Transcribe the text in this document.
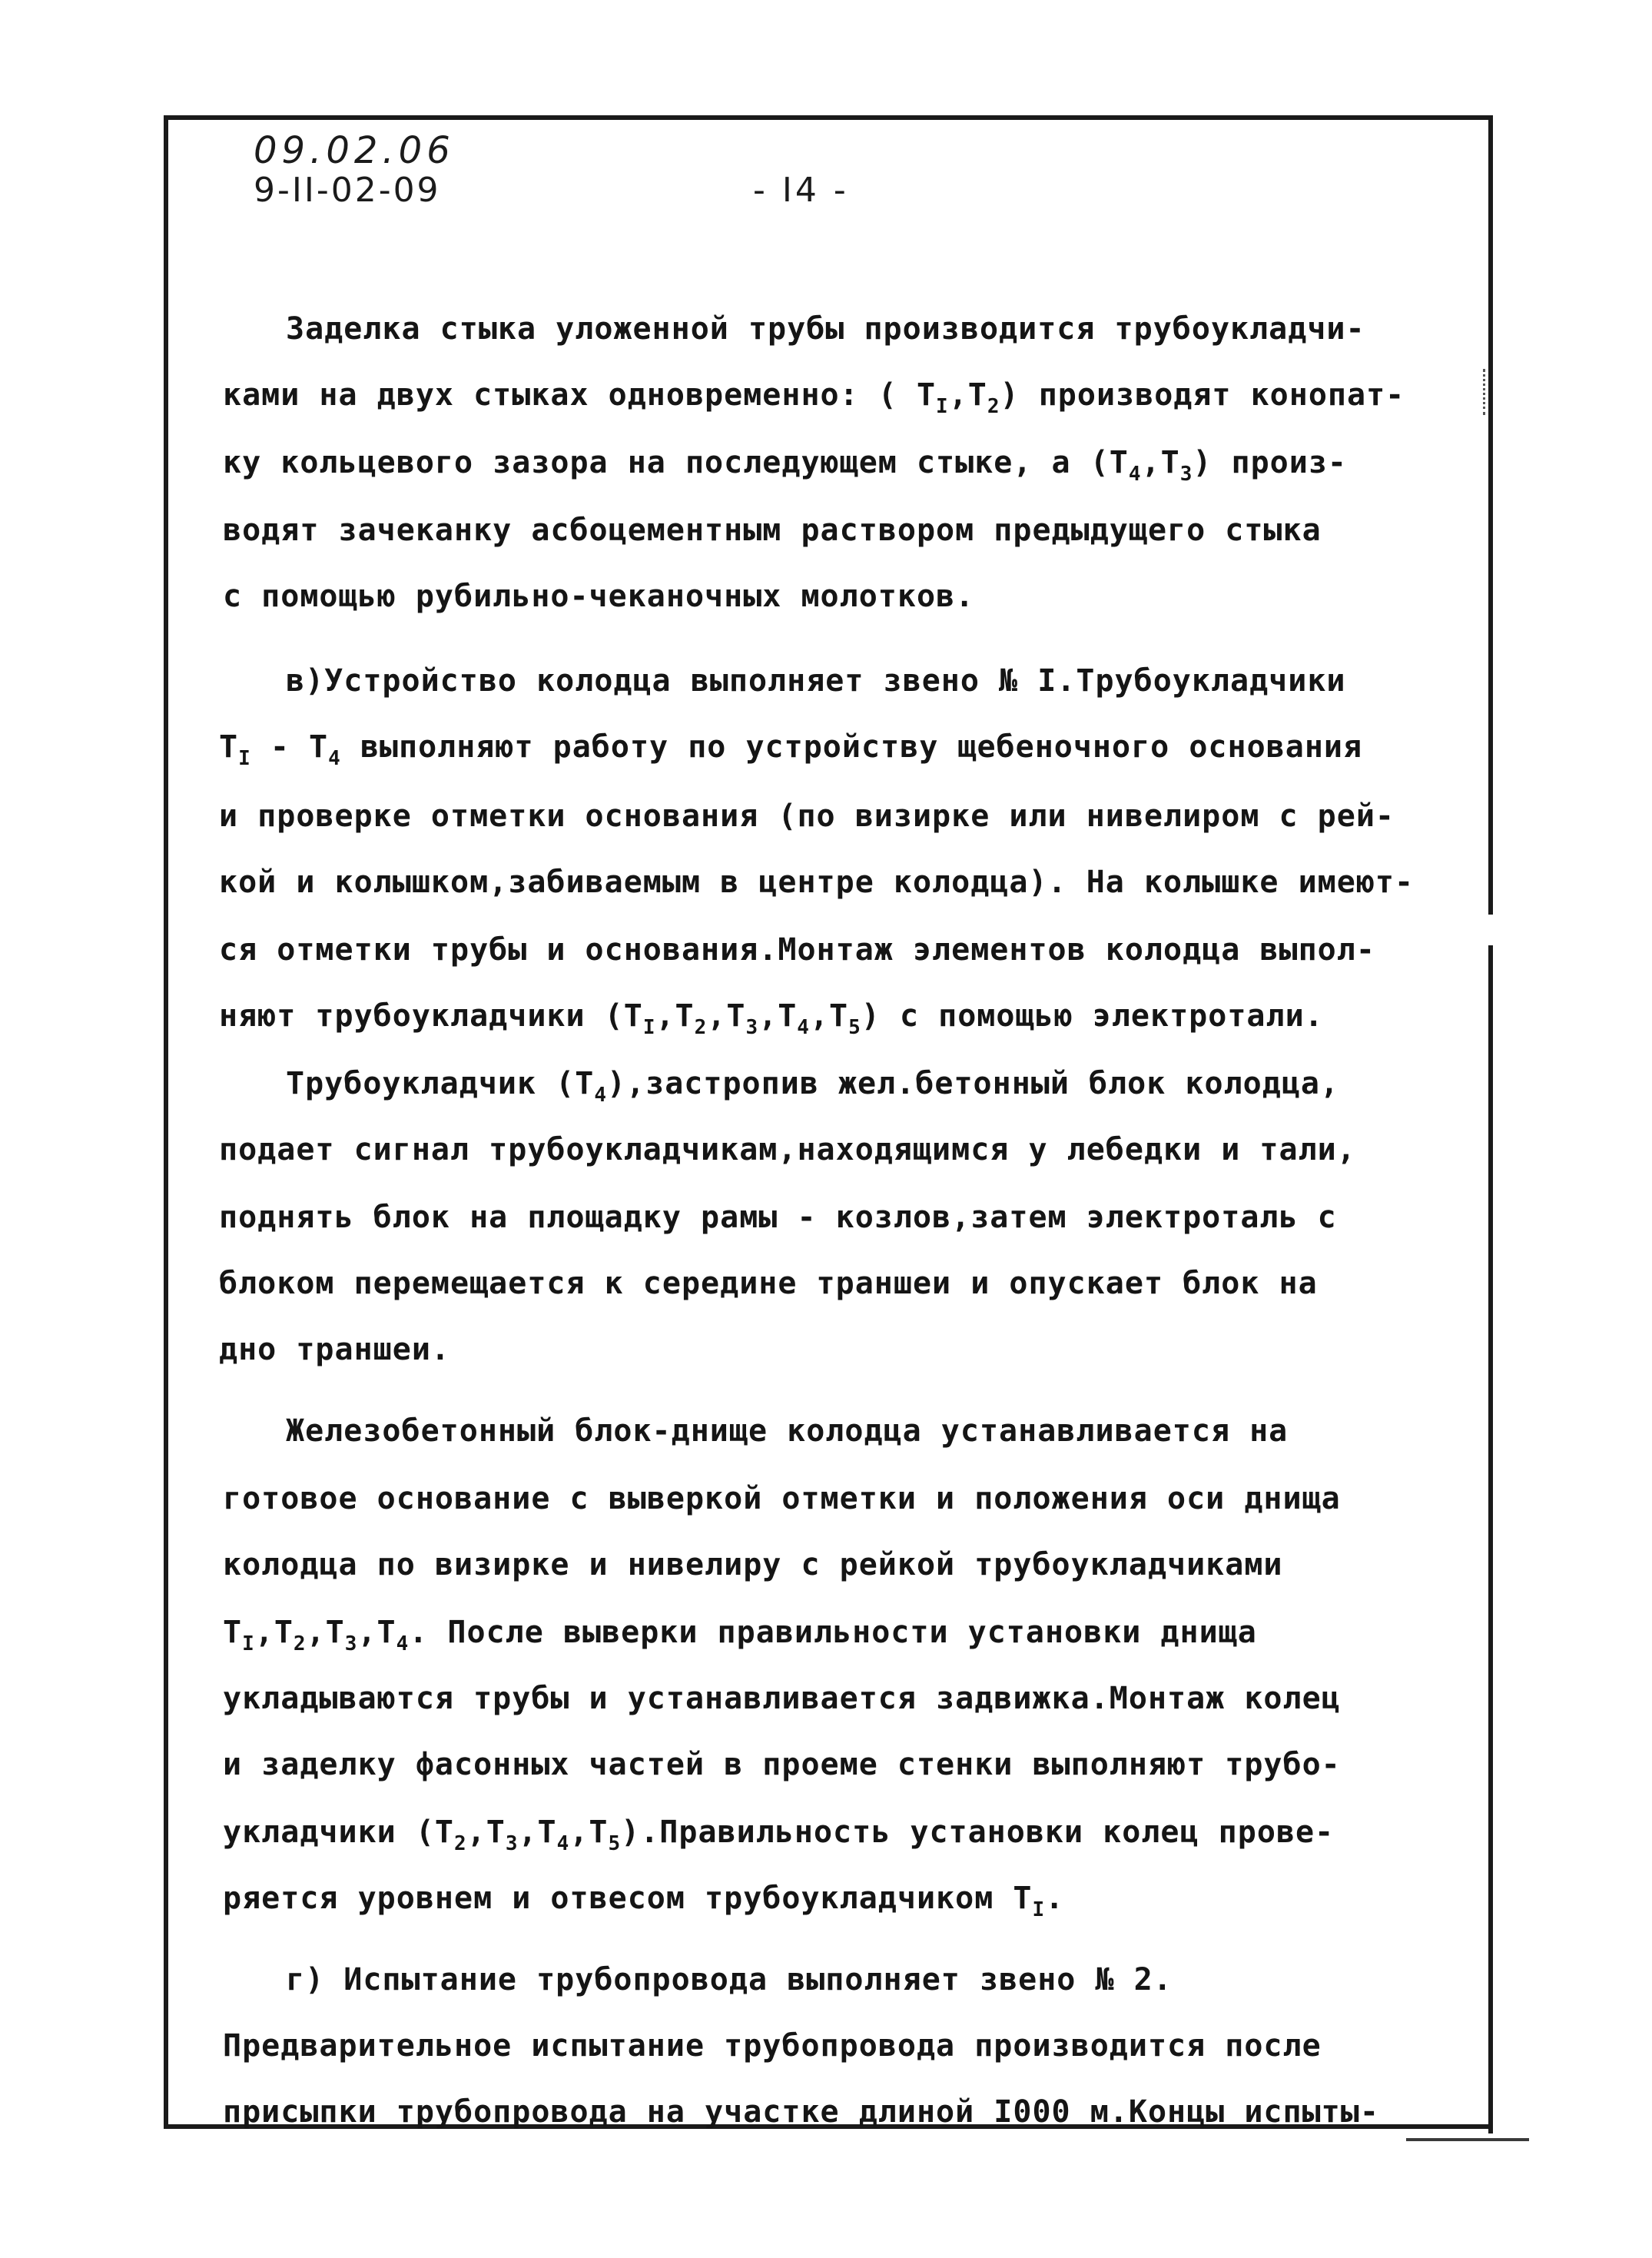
09.02.06
9-II-02-09	- I4 -
Заделка стыка уложенной трубы производится трубоукладчи-
ками на двух стыках одновременно: ( $Т_I,Т_2$) производят конопат-
ку кольцевого зазора на последующем стыке, а $(Т_4,Т_3)$ произ-
водят зачеканку асбоцементным раствором предыдущего стыка
с помощью рубильно-чеканочных молотков.
в)Устройство колодца выполняет звено № I.Трубоукладчики
$Т_I - Т_4$ выполняют работу по устройству щебеночного основания
и проверке отметки основания (по визирке или нивелиром с рей-
кой и колышком,забиваемым в центре колодца). На колышке имеют-
ся отметки трубы и основания.Монтаж элементов колодца выпол-
няют трубоукладчики $(Т_I,Т_2,Т_3,Т_4,Т_5)$ с помощью электротали.
Трубоукладчик $(Т_4),застропив$ жел.бетонный блок колодца,
подает сигнал трубоукладчикам,находящимся у лебедки и тали,
поднять блок на площадку рамы - козлов,затем электроталь с
блоком перемещается к середине траншеи и опускает блок на
дно траншеи.
Железобетонный блок-днище колодца устанавливается на
готовое основание с выверкой отметки и положения оси днища
колодца по визирке и нивелиру с рейкой трубоукладчиками
$Т_I,Т_2,Т_3,Т_4$. После выверки правильности установки днища
укладываются трубы и устанавливается задвижка.Монтаж колец
и заделку фасонных частей в проеме стенки выполняют трубо-
укладчики $(Т_2,Т_3,Т_4,Т_5).Правильность$ установки колец прове-
ряется уровнем и отвесом трубоукладчиком $Т_I$.
г) Испытание трубопровода выполняет звено № 2.
Предварительное испытание трубопровода производится после
присыпки трубопровода на участке длиной I000 м.Концы испыты-
